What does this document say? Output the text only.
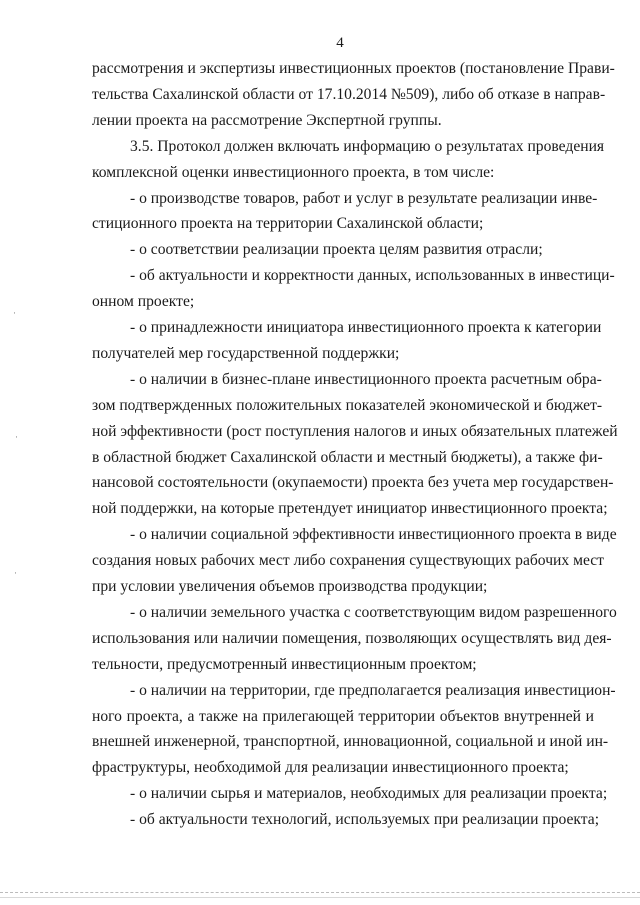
4
рассмотрения и экспертизы инвестиционных проектов (постановление Прави-
тельства Сахалинской области от 17.10.2014 №509), либо об отказе в направ-
лении проекта на рассмотрение Экспертной группы.
3.5. Протокол должен включать информацию о результатах проведения
комплексной оценки инвестиционного проекта, в том числе:
- о производстве товаров, работ и услуг в результате реализации инве-
стиционного проекта на территории Сахалинской области;
- о соответствии реализации проекта целям развития отрасли;
- об актуальности и корректности данных, использованных в инвестици-
онном проекте;
- о принадлежности инициатора инвестиционного проекта к категории
получателей мер государственной поддержки;
- о наличии в бизнес-плане инвестиционного проекта расчетным обра-
зом подтвержденных положительных показателей экономической и бюджет-
ной эффективности (рост поступления налогов и иных обязательных платежей
в областной бюджет Сахалинской области и местный бюджеты), а также фи-
нансовой состоятельности (окупаемости) проекта без учета мер государствен-
ной поддержки, на которые претендует инициатор инвестиционного проекта;
- о наличии социальной эффективности инвестиционного проекта в виде
создания новых рабочих мест либо сохранения существующих рабочих мест
при условии увеличения объемов производства продукции;
- о наличии земельного участка с соответствующим видом разрешенного
использования или наличии помещения, позволяющих осуществлять вид дея-
тельности, предусмотренный инвестиционным проектом;
- о наличии на территории, где предполагается реализация инвестицион-
ного проекта, а также на прилегающей территории объектов внутренней и
внешней инженерной, транспортной, инновационной, социальной и иной ин-
фраструктуры, необходимой для реализации инвестиционного проекта;
- о наличии сырья и материалов, необходимых для реализации проекта;
- об актуальности технологий, используемых при реализации проекта;
·
·
·
